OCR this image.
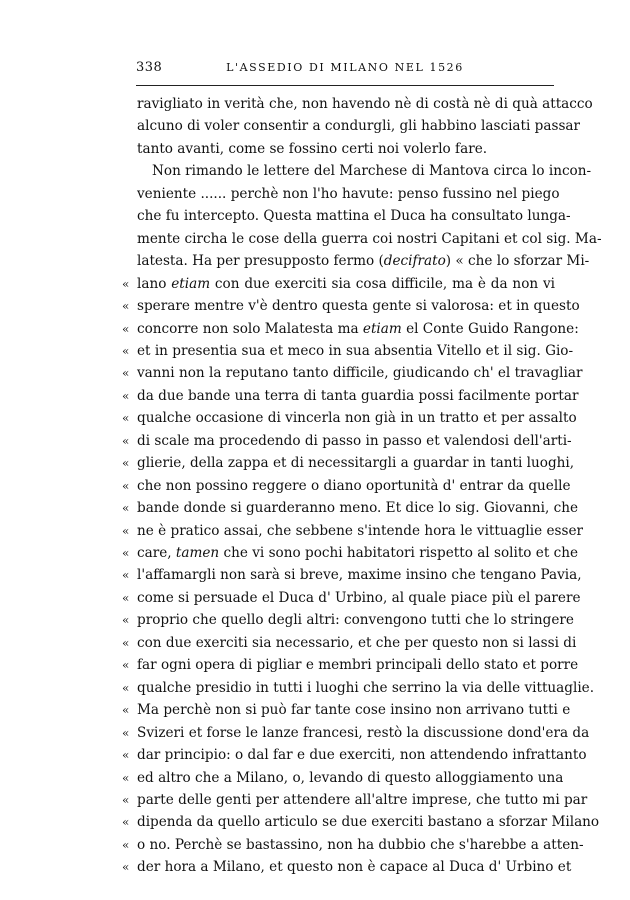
338	L'ASSEDIO DI MILANO NEL 1526
ravigliato in verità che, non havendo nè di costà nè di quà attacco
alcuno di voler consentir a condurgli, gli habbino lasciati passar
tanto avanti, come se fossino certi noi volerlo fare.
Non rimando le lettere del Marchese di Mantova circa lo incon-
veniente ...... perchè non l'ho havute: penso fussino nel piego
che fu intercepto. Questa mattina el Duca ha consultato lunga-
mente circha le cose della guerra coi nostri Capitani et col sig. Ma-
latesta. Ha per presupposto fermo (decifrato) « che lo sforzar Mi-
« lano etiam con due exerciti sia cosa difficile, ma è da non vi
« sperare mentre v'è dentro questa gente si valorosa: et in questo
« concorre non solo Malatesta ma etiam el Conte Guido Rangone:
« et in presentia sua et meco in sua absentia Vitello et il sig. Gio-
« vanni non la reputano tanto difficile, giudicando ch' el travagliar
« da due bande una terra di tanta guardia possi facilmente portar
« qualche occasione di vincerla non già in un tratto et per assalto
« di scale ma procedendo di passo in passo et valendosi dell'arti-
« glierie, della zappa et di necessitargli a guardar in tanti luoghi,
« che non possino reggere o diano oportunità d' entrar da quelle
« bande donde si guarderanno meno. Et dice lo sig. Giovanni, che
« ne è pratico assai, che sebbene s'intende hora le vittuaglie esser
« care, tamen che vi sono pochi habitatori rispetto al solito et che
« l'affamargli non sarà si breve, maxime insino che tengano Pavia,
« come si persuade el Duca d' Urbino, al quale piace più el parere
« proprio che quello degli altri: convengono tutti che lo stringere
« con due exerciti sia necessario, et che per questo non si lassi di
« far ogni opera di pigliar e membri principali dello stato et porre
« qualche presidio in tutti i luoghi che serrino la via delle vittuaglie.
« Ma perchè non si può far tante cose insino non arrivano tutti e
« Svizeri et forse le lanze francesi, restò la discussione dond'era da
« dar principio: o dal far e due exerciti, non attendendo infrattanto
« ed altro che a Milano, o, levando di questo alloggiamento una
« parte delle genti per attendere all'altre imprese, che tutto mi par
« dipenda da quello articulo se due exerciti bastano a sforzar Milano
« o no. Perchè se bastassino, non ha dubbio che s'harebbe a atten-
« der hora a Milano, et questo non è capace al Duca d' Urbino et
